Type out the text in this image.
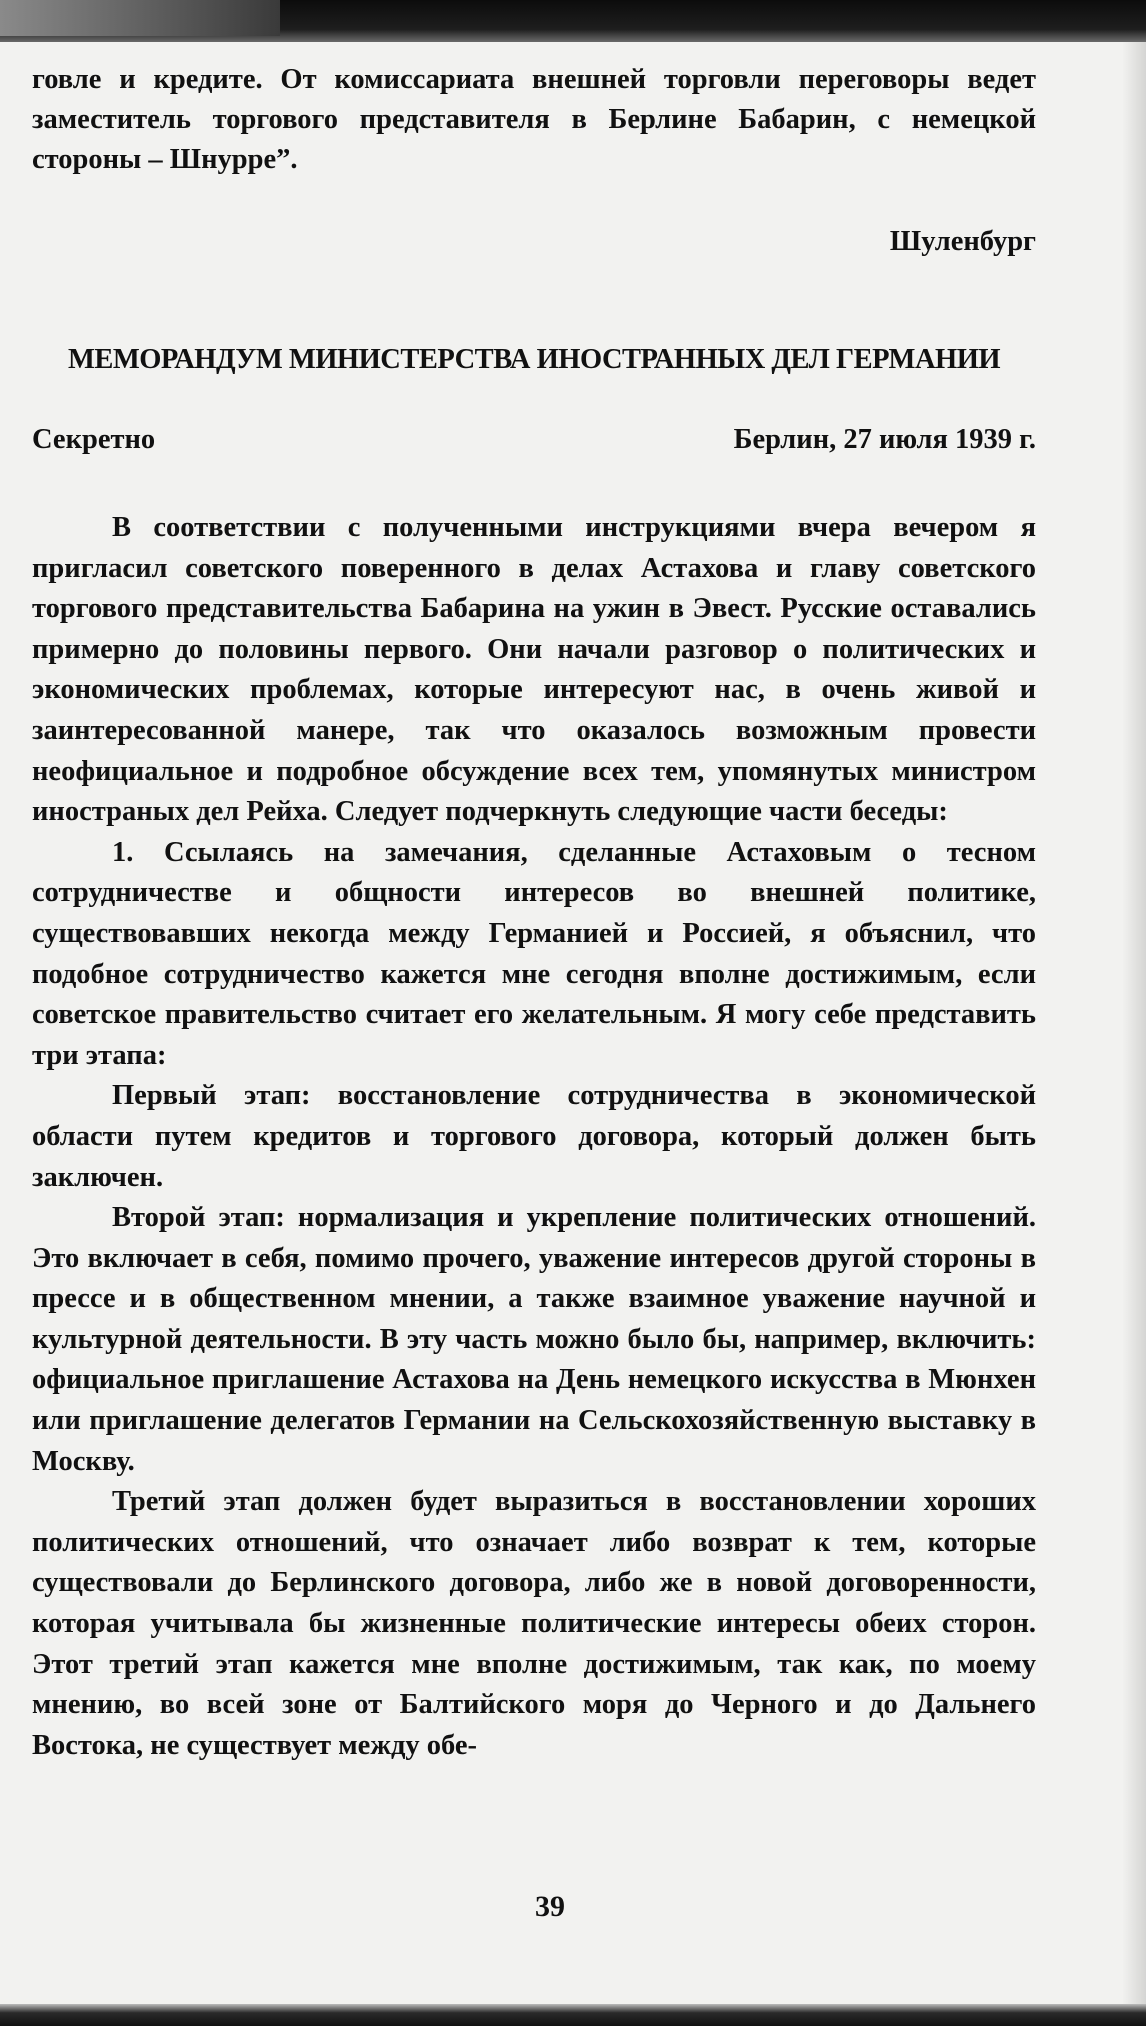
говле и кредите. От комиссариата внешней торговли переговоры ведет заместитель торгового представителя в Берлине Бабарин, с немецкой стороны – Шнурре”.

Шуленбург
МЕМОРАНДУМ МИНИСТЕРСТВА ИНОСТРАННЫХ ДЕЛ ГЕРМАНИИ
Секретно	Берлин, 27 июля 1939 г.

В соответствии с полученными инструкциями вчера вечером я пригласил советского поверенного в делах Астахова и главу советского торгового представительства Бабарина на ужин в Эвест. Русские оставались примерно до половины первого. Они начали разговор о политических и экономических проблемах, которые интересуют нас, в очень живой и заинтересованной манере, так что оказалось возможным провести неофициальное и подробное обсуждение всех тем, упомянутых министром иностраных дел Рейха. Следует подчеркнуть следующие части беседы:

1. Ссылаясь на замечания, сделанные Астаховым о тесном сотрудничестве и общности интересов во внешней политике, существовавших некогда между Германией и Россией, я объяснил, что подобное сотрудничество кажется мне сегодня вполне достижимым, если советское правительство считает его желательным. Я могу себе представить три этапа:

Первый этап: восстановление сотрудничества в экономической области путем кредитов и торгового договора, который должен быть заключен.

Второй этап: нормализация и укрепление политических отношений. Это включает в себя, помимо прочего, уважение интересов другой стороны в прессе и в общественном мнении, а также взаимное уважение научной и культурной деятельности. В эту часть можно было бы, например, включить: официальное приглашение Астахова на День немецкого искусства в Мюнхен или приглашение делегатов Германии на Сельскохозяйственную выставку в Москву.

Третий этап должен будет выразиться в восстановлении хороших политических отношений, что означает либо возврат к тем, которые существовали до Берлинского договора, либо же в новой договоренности, которая учитывала бы жизненные политические интересы обеих сторон. Этот третий этап кажется мне вполне достижимым, так как, по моему мнению, во всей зоне от Балтийского моря до Черного и до Дальнего Востока, не существует между обе-

39
